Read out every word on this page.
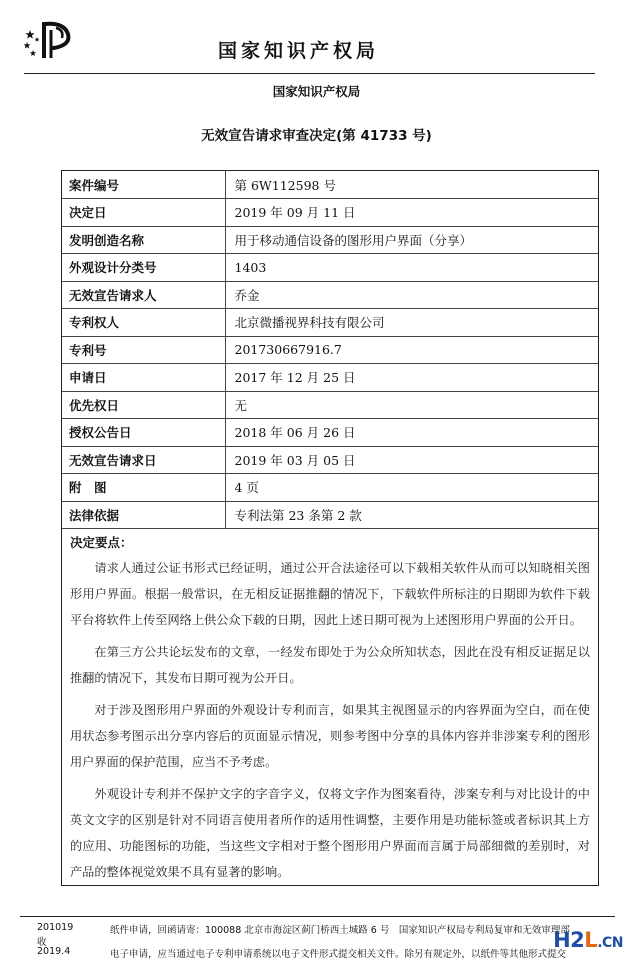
国家知识产权局
国家知识产权局
无效宣告请求审查决定(第 41733 号)
案件编号	第 6W112598 号
决定日	2019 年 09 月 11 日
发明创造名称	用于移动通信设备的图形用户界面（分享）
外观设计分类号	1403
无效宣告请求人	乔金
专利权人	北京微播视界科技有限公司
专利号	201730667916.7
申请日	2017 年 12 月 25 日
优先权日	无
授权公告日	2018 年 06 月 26 日
无效宣告请求日	2019 年 03 月 05 日
附　图	4 页
法律依据	专利法第 23 条第 2 款
决定要点：

请求人通过公证书形式已经证明，通过公开合法途径可以下载相关软件从而可以知晓相关图形用户界面。根据一般常识，在无相反证据推翻的情况下，下载软件所标注的日期即为软件下载平台将软件上传至网络上供公众下载的日期，因此上述日期可视为上述图形用户界面的公开日。

在第三方公共论坛发布的文章，一经发布即处于为公众所知状态，因此在没有相反证据足以推翻的情况下，其发布日期可视为公开日。

对于涉及图形用户界面的外观设计专利而言，如果其主视图显示的内容界面为空白，而在使用状态参考图示出分享内容后的页面显示情况，则参考图中分享的具体内容并非涉案专利的图形用户界面的保护范围，应当不予考虑。

外观设计专利并不保护文字的字音字义，仅将文字作为图案看待，涉案专利与对比设计的中英文文字的区别是针对不同语言使用者所作的适用性调整，主要作用是功能标签或者标识其上方的应用、功能图标的功能，当这些文字相对于整个图形用户界面而言属于局部细微的差别时，对产品的整体视觉效果不具有显著的影响。

201019	纸件申请，回函请寄：100088 北京市海淀区蓟门桥西土城路 6 号　国家知识产权局专利局复审和无效审理部
收
2019.4	电子申请，应当通过电子专利申请系统以电子文件形式提交相关文件。除另有规定外，以纸件等其他形式提交
H2L.CN
